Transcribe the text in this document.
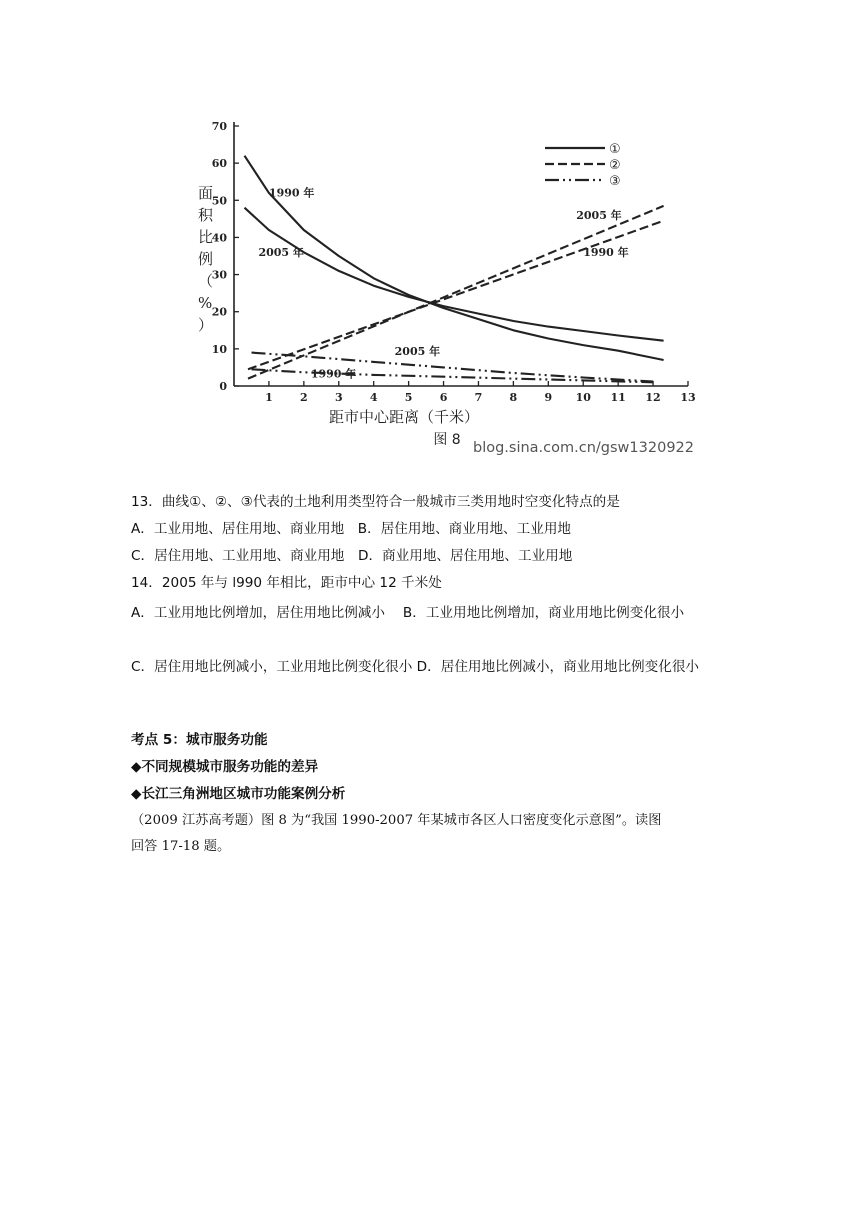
0
10
20
30
40
50
60
70
1 2 3 4 5 6 7 8 9 10 11 12 13
1990 年
2005 年
2005 年
1990 年
2005 年
1990 年
①
②
③
面积比例（%）
距市中心距离（千米）
图 8 blog.sina.com.cn/gsw1320922
13．曲线①、②、③代表的土地利用类型符合一般城市三类用地时空变化特点的是
A．工业用地、居住用地、商业用地　B．居住用地、商业用地、工业用地
C．居住用地、工业用地、商业用地　D．商业用地、居住用地、工业用地
14．2005 年与 l990 年相比，距市中心 12 千米处
A．工业用地比例增加，居住用地比例减小　 B．工业用地比例增加，商业用地比例变化很小
C．居住用地比例减小，工业用地比例变化很小 D．居住用地比例减小，商业用地比例变化很小
考点 5：城市服务功能
◆不同规模城市服务功能的差异
◆长江三角洲地区城市功能案例分析
（2009 江苏高考题）图 8 为“我国 1990-2007 年某城市各区人口密度变化示意图”。读图
回答 17-18 题。
